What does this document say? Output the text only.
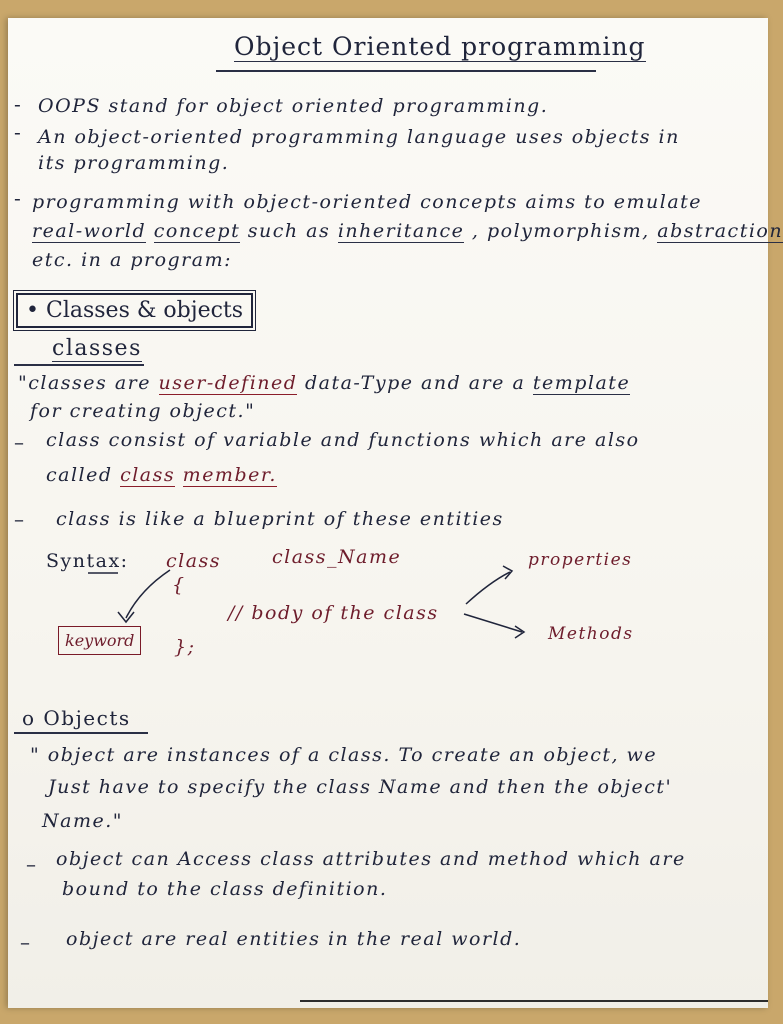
Object Oriented programming
- OOPS stand for object oriented programming.
- An object-oriented programming language uses objects in
its programming.
- programming with object-oriented concepts aims to emulate
real-world concept such as inheritance , polymorphism, abstraction
etc. in a program:
• Classes & objects
classes
"classes are user-defined data-Type and are a template
for creating object."
– class consist of variable and functions which are also
called class member.
– class is like a blueprint of these entities
Syntax: class	class_Name
{
// body of the class
keyword	};
properties
Methods
o Objects
" object are instances of a class. To create an object, we
Just have to specify the class Name and then the object'
Name."
– object can Access class attributes and method which are
bound to the class definition.
– object are real entities in the real world.
